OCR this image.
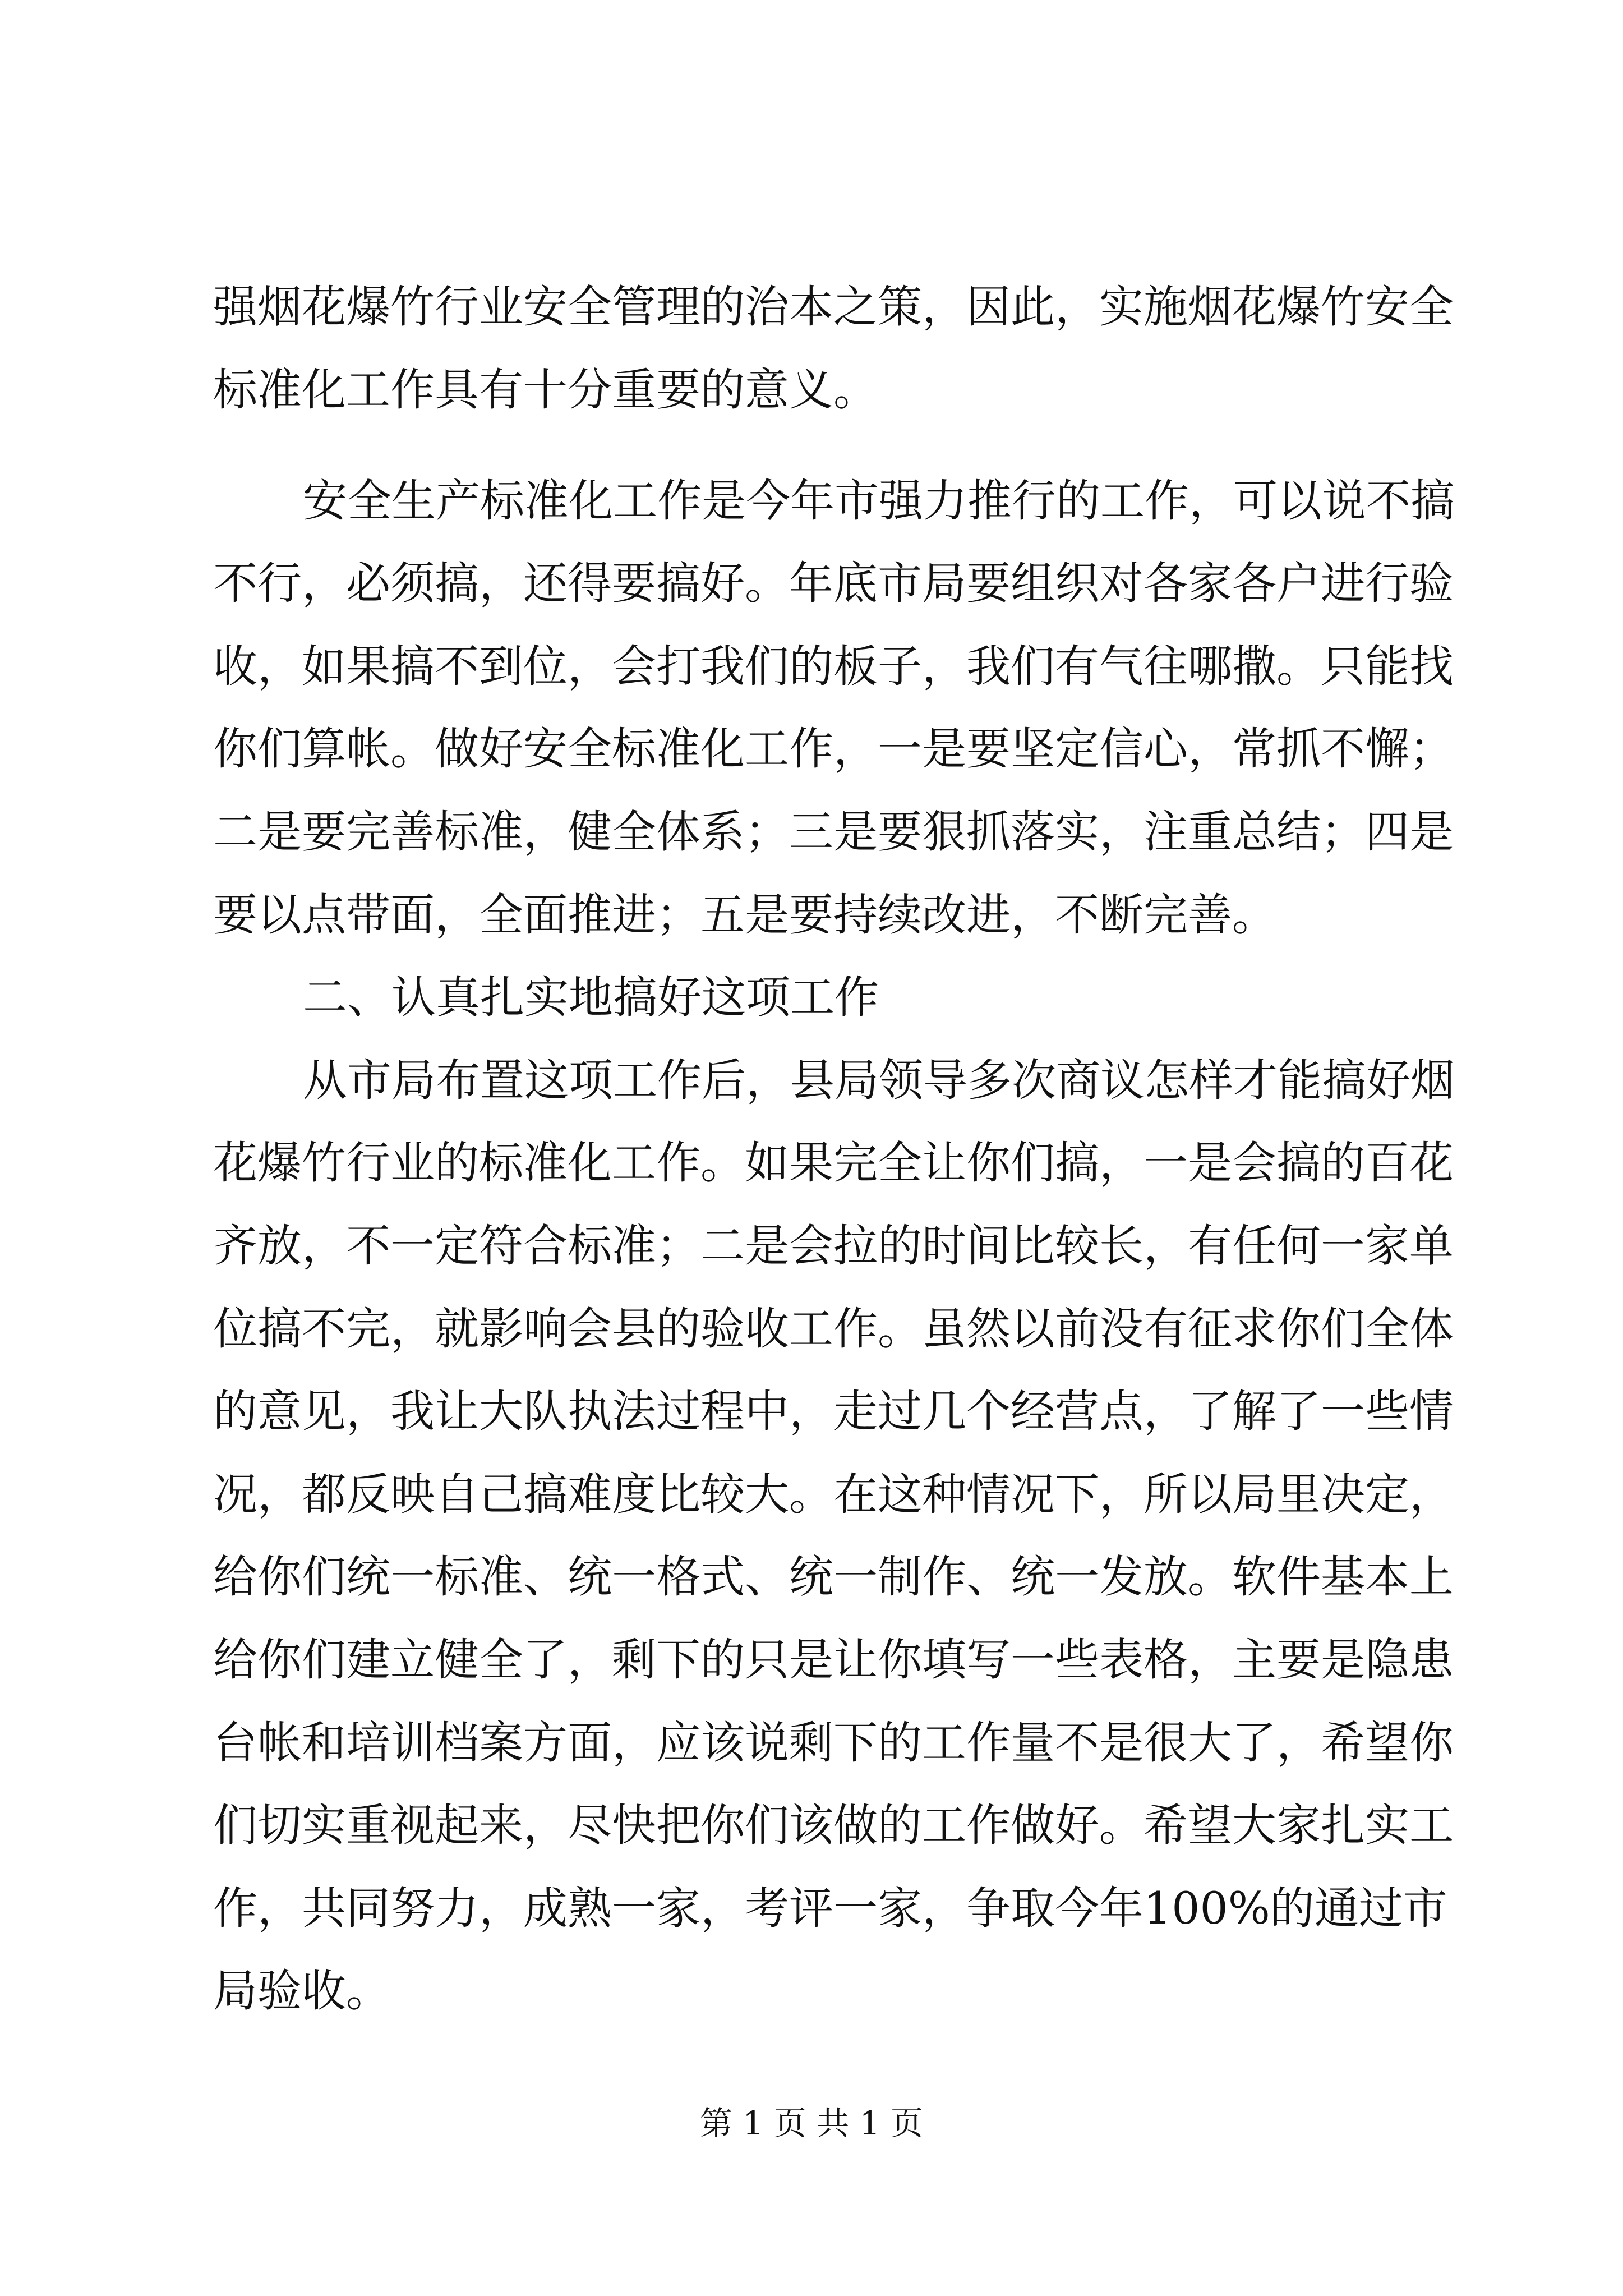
强烟花爆竹行业安全管理的治本之策，因此，实施烟花爆竹安全
标准化工作具有十分重要的意义。
安全生产标准化工作是今年市强力推行的工作，可以说不搞
不行，必须搞，还得要搞好。年底市局要组织对各家各户进行验
收，如果搞不到位，会打我们的板子，我们有气往哪撒。只能找
你们算帐。做好安全标准化工作，一是要坚定信心，常抓不懈；
二是要完善标准，健全体系；三是要狠抓落实，注重总结；四是
要以点带面，全面推进；五是要持续改进，不断完善。
二、认真扎实地搞好这项工作
从市局布置这项工作后，县局领导多次商议怎样才能搞好烟
花爆竹行业的标准化工作。如果完全让你们搞，一是会搞的百花
齐放，不一定符合标准；二是会拉的时间比较长，有任何一家单
位搞不完，就影响会县的验收工作。虽然以前没有征求你们全体
的意见，我让大队执法过程中，走过几个经营点，了解了一些情
况，都反映自己搞难度比较大。在这种情况下，所以局里决定，
给你们统一标准、统一格式、统一制作、统一发放。软件基本上
给你们建立健全了，剩下的只是让你填写一些表格，主要是隐患
台帐和培训档案方面，应该说剩下的工作量不是很大了，希望你
们切实重视起来，尽快把你们该做的工作做好。希望大家扎实工
作，共同努力，成熟一家，考评一家，争取今年100%的通过市
局验收。
第 1 页 共 1 页
